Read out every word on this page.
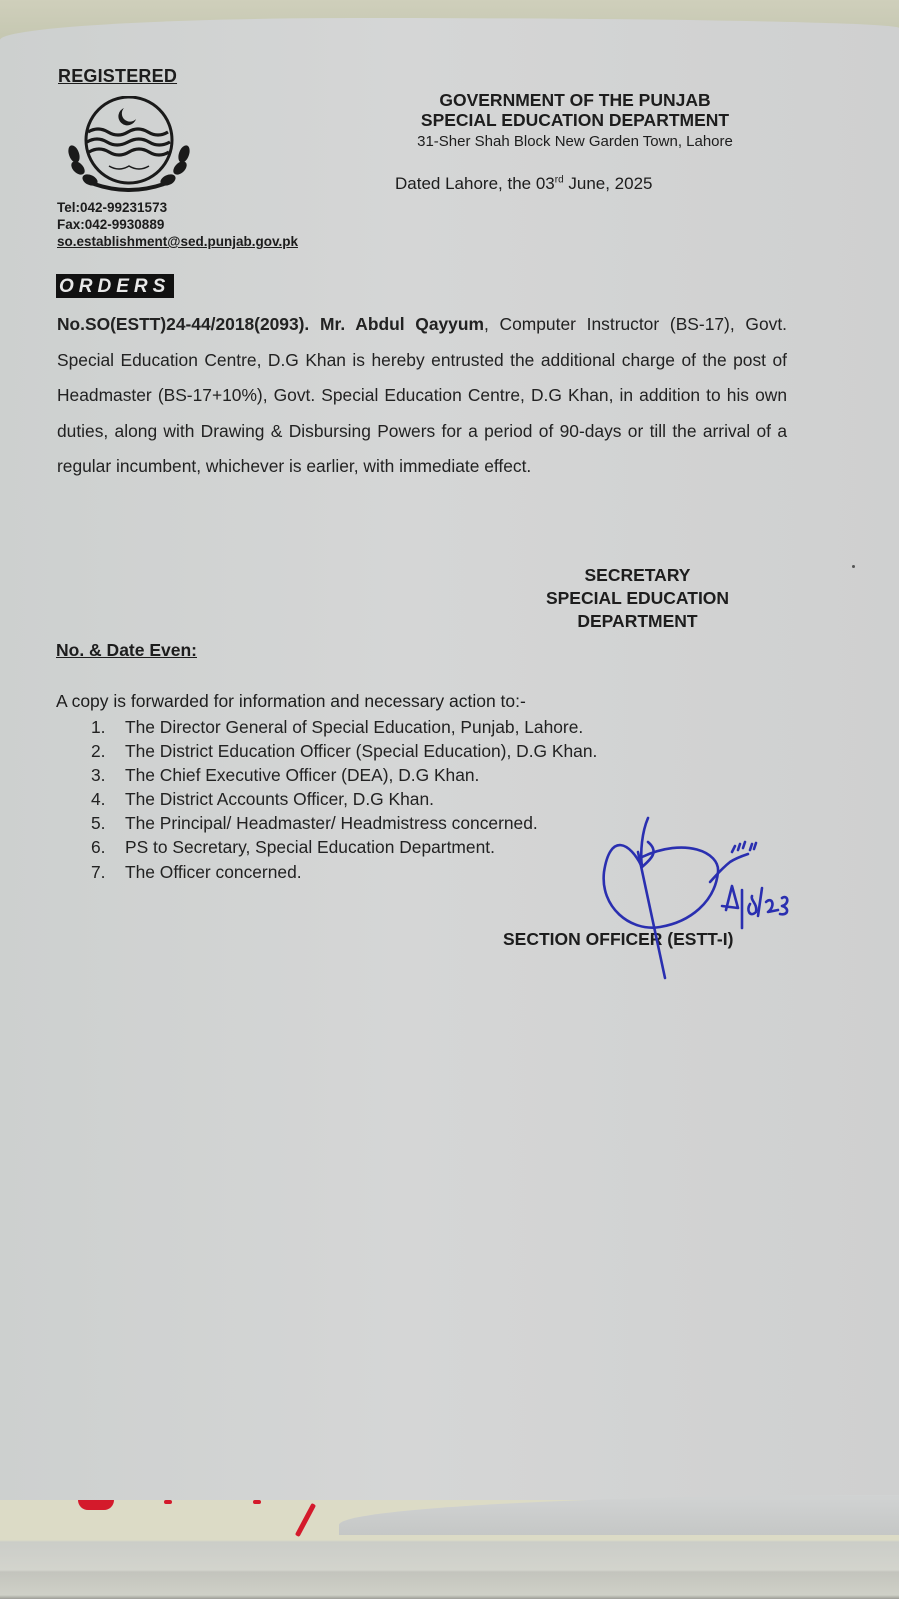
REGISTERED
Tel:042-99231573
Fax:042-9930889
so.establishment@sed.punjab.gov.pk
GOVERNMENT OF THE PUNJAB
SPECIAL EDUCATION DEPARTMENT
31-Sher Shah Block New Garden Town, Lahore
Dated Lahore, the 03rd June, 2025
ORDERS
No.SO(ESTT)24-44/2018(2093). Mr. Abdul Qayyum, Computer Instructor (BS-17), Govt. Special Education Centre, D.G Khan is hereby entrusted the additional charge of the post of Headmaster (BS-17+10%), Govt. Special Education Centre, D.G Khan, in addition to his own duties, along with Drawing & Disbursing Powers for a period of 90-days or till the arrival of a regular incumbent, whichever is earlier, with immediate effect.
SECRETARY
SPECIAL EDUCATION
DEPARTMENT
No. & Date Even:
A copy is forwarded for information and necessary action to:-
1.	The Director General of Special Education, Punjab, Lahore.
2.	The District Education Officer (Special Education), D.G Khan.
3.	The Chief Executive Officer (DEA), D.G Khan.
4.	The District Accounts Officer, D.G Khan.
5.	The Principal/ Headmaster/ Headmistress concerned.
6.	PS to Secretary, Special Education Department.
7.	The Officer concerned.
SECTION OFFICER (ESTT-I)
